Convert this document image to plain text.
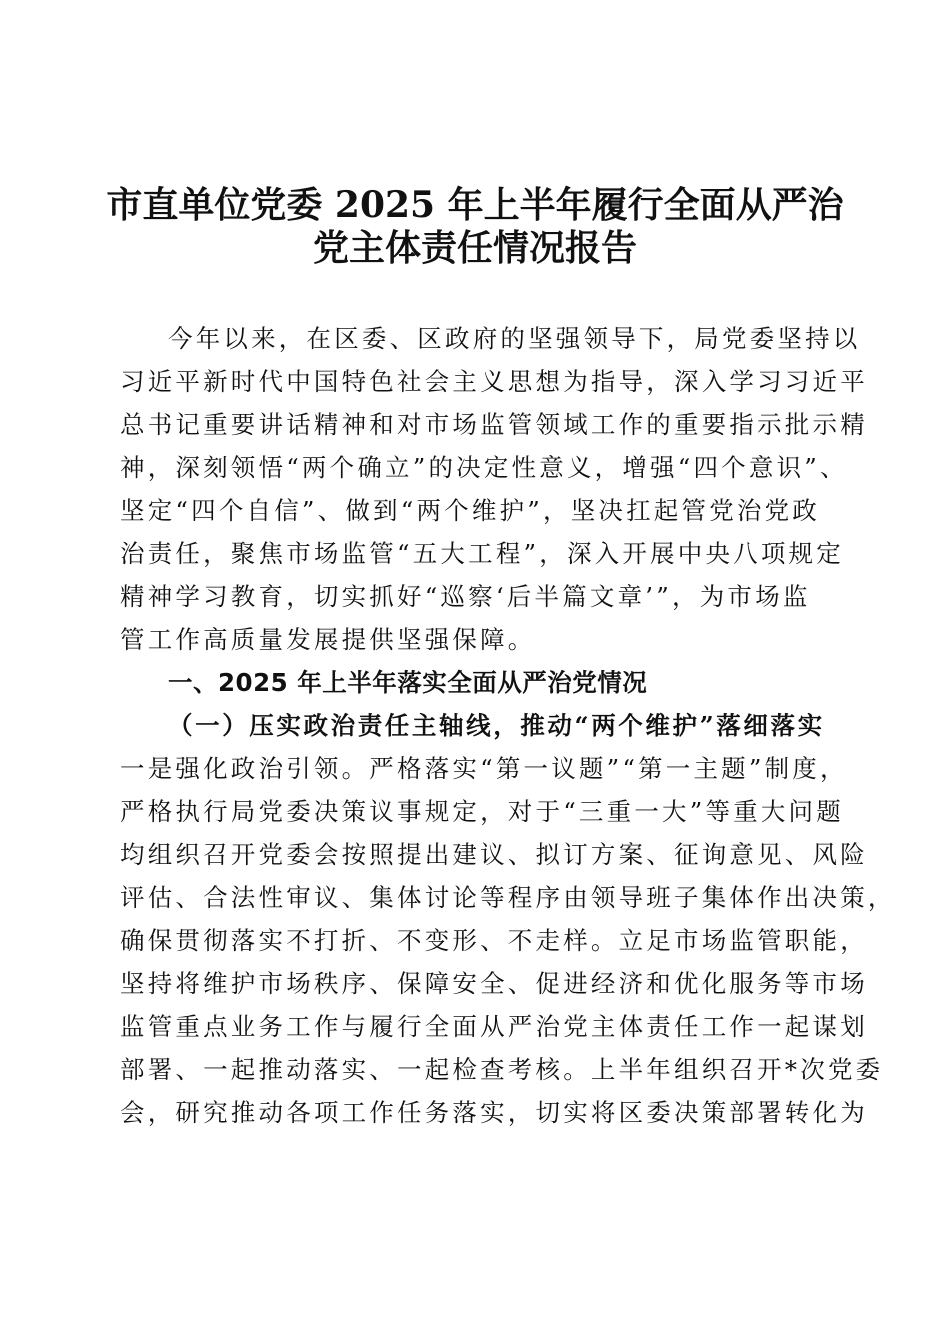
市直单位党委 2025 年上半年履行全面从严治
党主体责任情况报告
今年以来，在区委、区政府的坚强领导下，局党委坚持以
习近平新时代中国特色社会主义思想为指导，深入学习习近平
总书记重要讲话精神和对市场监管领域工作的重要指示批示精
神，深刻领悟“两个确立”的决定性意义，增强“四个意识”、
坚定“四个自信”、做到“两个维护”，坚决扛起管党治党政
治责任，聚焦市场监管“五大工程”，深入开展中央八项规定
精神学习教育，切实抓好“巡察‘后半篇文章’”，为市场监
管工作高质量发展提供坚强保障。
一、2025 年上半年落实全面从严治党情况
（一）压实政治责任主轴线，推动“两个维护”落细落实
一是强化政治引领。严格落实“第一议题”“第一主题”制度，
严格执行局党委决策议事规定，对于“三重一大”等重大问题
均组织召开党委会按照提出建议、拟订方案、征询意见、风险
评估、合法性审议、集体讨论等程序由领导班子集体作出决策，
确保贯彻落实不打折、不变形、不走样。立足市场监管职能，
坚持将维护市场秩序、保障安全、促进经济和优化服务等市场
监管重点业务工作与履行全面从严治党主体责任工作一起谋划
部署、一起推动落实、一起检查考核。上半年组织召开*次党委
会，研究推动各项工作任务落实，切实将区委决策部署转化为
